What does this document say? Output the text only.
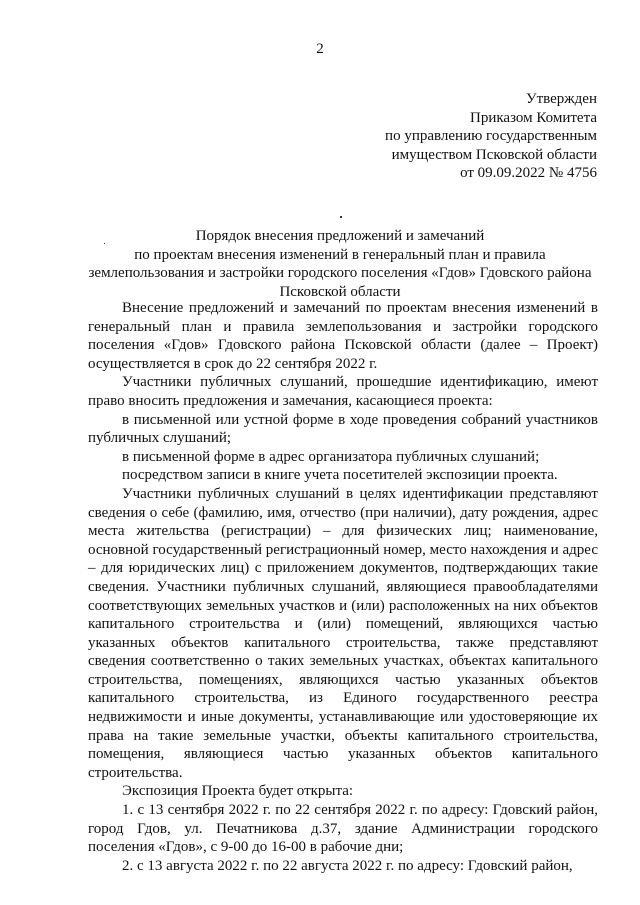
2
Утвержден
Приказом Комитета
по управлению государственным
имуществом Псковской области
от 09.09.2022 № 4756
Порядок внесения предложений и замечаний
по проектам внесения изменений в генеральный план и правила
землепользования и застройки городского поселения «Гдов» Гдовского района
Псковской области

Внесение предложений и замечаний по проектам внесения изменений в генеральный план и правила землепользования и застройки городского поселения «Гдов» Гдовского района Псковской области (далее – Проект) осуществляется в срок до 22 сентября 2022 г.

Участники публичных слушаний, прошедшие идентификацию, имеют право вносить предложения и замечания, касающиеся проекта:

в письменной или устной форме в ходе проведения собраний участников публичных слушаний;

в письменной форме в адрес организатора публичных слушаний;

посредством записи в книге учета посетителей экспозиции проекта.

Участники публичных слушаний в целях идентификации представляют сведения о себе (фамилию, имя, отчество (при наличии), дату рождения, адрес места жительства (регистрации) – для физических лиц; наименование, основной государственный регистрационный номер, место нахождения и адрес – для юридических лиц) с приложением документов, подтверждающих такие сведения. Участники публичных слушаний, являющиеся правообладателями соответствующих земельных участков и (или) расположенных на них объектов капитального строительства и (или) помещений, являющихся частью указанных объектов капитального строительства, также представляют сведения соответственно о таких земельных участках, объектах капитального строительства, помещениях, являющихся частью указанных объектов капитального строительства, из Единого государственного реестра недвижимости и иные документы, устанавливающие или удостоверяющие их права на такие земельные участки, объекты капитального строительства, помещения, являющиеся частью указанных объектов капитального строительства.

Экспозиция Проекта будет открыта:

1. с 13 сентября 2022 г. по 22 сентября 2022 г. по адресу: Гдовский район, город Гдов, ул. Печатникова д.37, здание Администрации городского поселения «Гдов», с 9-00 до 16-00 в рабочие дни;

2. с 13 августа 2022 г. по 22 августа 2022 г. по адресу: Гдовский район,
